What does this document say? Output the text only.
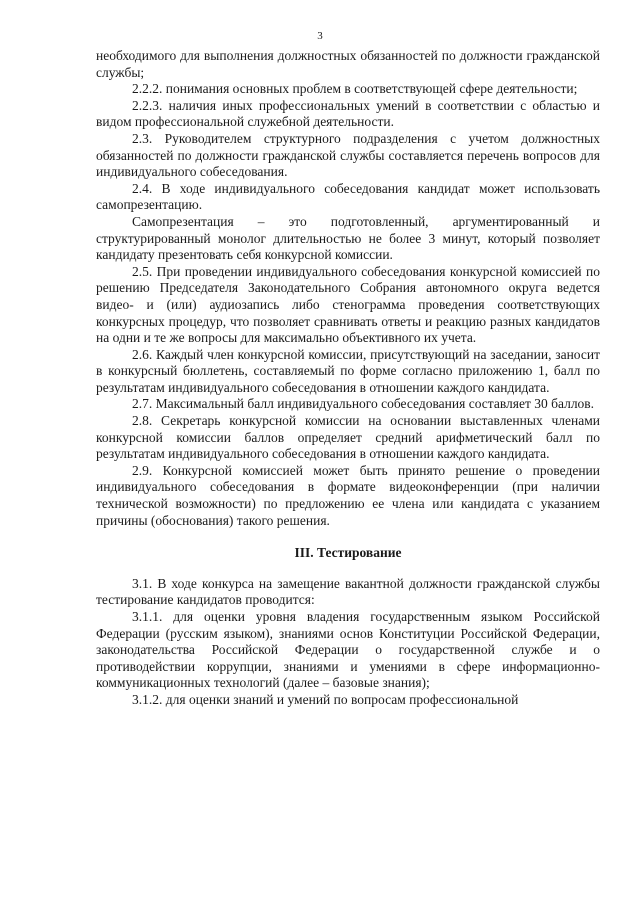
3

необходимого для выполнения должностных обязанностей по должности гражданской службы;

2.2.2. понимания основных проблем в соответствующей сфере деятельности;

2.2.3. наличия иных профессиональных умений в соответствии с областью и видом профессиональной служебной деятельности.

2.3. Руководителем структурного подразделения с учетом должностных обязанностей по должности гражданской службы составляется перечень вопросов для индивидуального собеседования.

2.4. В ходе индивидуального собеседования кандидат может использовать самопрезентацию.

Самопрезентация – это подготовленный, аргументированный и структурированный монолог длительностью не более 3 минут, который позволяет кандидату презентовать себя конкурсной комиссии.

2.5. При проведении индивидуального собеседования конкурсной комиссией по решению Председателя Законодательного Собрания автономного округа ведется видео- и (или) аудиозапись либо стенограмма проведения соответствующих конкурсных процедур, что позволяет сравнивать ответы и реакцию разных кандидатов на одни и те же вопросы для максимально объективного их учета.

2.6. Каждый член конкурсной комиссии, присутствующий на заседании, заносит в конкурсный бюллетень, составляемый по форме согласно приложению 1, балл по результатам индивидуального собеседования в отношении каждого кандидата.

2.7. Максимальный балл индивидуального собеседования составляет 30 баллов.

2.8. Секретарь конкурсной комиссии на основании выставленных членами конкурсной комиссии баллов определяет средний арифметический балл по результатам индивидуального собеседования в отношении каждого кандидата.

2.9. Конкурсной комиссией может быть принято решение о проведении индивидуального собеседования в формате видеоконференции (при наличии технической возможности) по предложению ее члена или кандидата с указанием причины (обоснования) такого решения.

III. Тестирование

3.1. В ходе конкурса на замещение вакантной должности гражданской службы тестирование кандидатов проводится:

3.1.1. для оценки уровня владения государственным языком Российской Федерации (русским языком), знаниями основ Конституции Российской Федерации, законодательства Российской Федерации о государственной службе и о противодействии коррупции, знаниями и умениями в сфере информационно-коммуникационных технологий (далее – базовые знания);

3.1.2. для оценки знаний и умений по вопросам профессиональной
